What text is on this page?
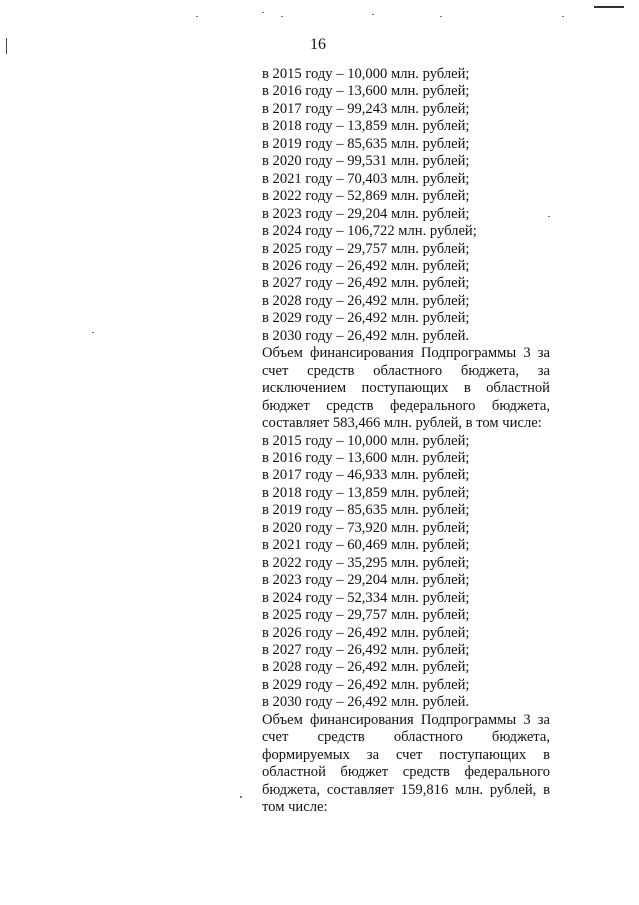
16
в 2015 году – 10,000 млн. рублей;
в 2016 году – 13,600 млн. рублей;
в 2017 году – 99,243 млн. рублей;
в 2018 году – 13,859 млн. рублей;
в 2019 году – 85,635 млн. рублей;
в 2020 году – 99,531 млн. рублей;
в 2021 году – 70,403 млн. рублей;
в 2022 году – 52,869 млн. рублей;
в 2023 году – 29,204 млн. рублей;
в 2024 году – 106,722 млн. рублей;
в 2025 году – 29,757 млн. рублей;
в 2026 году – 26,492 млн. рублей;
в 2027 году – 26,492 млн. рублей;
в 2028 году – 26,492 млн. рублей;
в 2029 году – 26,492 млн. рублей;
в 2030 году – 26,492 млн. рублей.
Объем финансирования Подпрограммы 3 за счет средств областного бюджета, за исключением поступающих в областной бюджет средств федерального бюджета, составляет 583,466 млн. рублей, в том числе:
в 2015 году – 10,000 млн. рублей;
в 2016 году – 13,600 млн. рублей;
в 2017 году – 46,933 млн. рублей;
в 2018 году – 13,859 млн. рублей;
в 2019 году – 85,635 млн. рублей;
в 2020 году – 73,920 млн. рублей;
в 2021 году – 60,469 млн. рублей;
в 2022 году – 35,295 млн. рублей;
в 2023 году – 29,204 млн. рублей;
в 2024 году – 52,334 млн. рублей;
в 2025 году – 29,757 млн. рублей;
в 2026 году – 26,492 млн. рублей;
в 2027 году – 26,492 млн. рублей;
в 2028 году – 26,492 млн. рублей;
в 2029 году – 26,492 млн. рублей;
в 2030 году – 26,492 млн. рублей.
Объем финансирования Подпрограммы 3 за счет средств областного бюджета, формируемых за счет поступающих в областной бюджет средств федерального бюджета, составляет 159,816 млн. рублей, в том числе:
